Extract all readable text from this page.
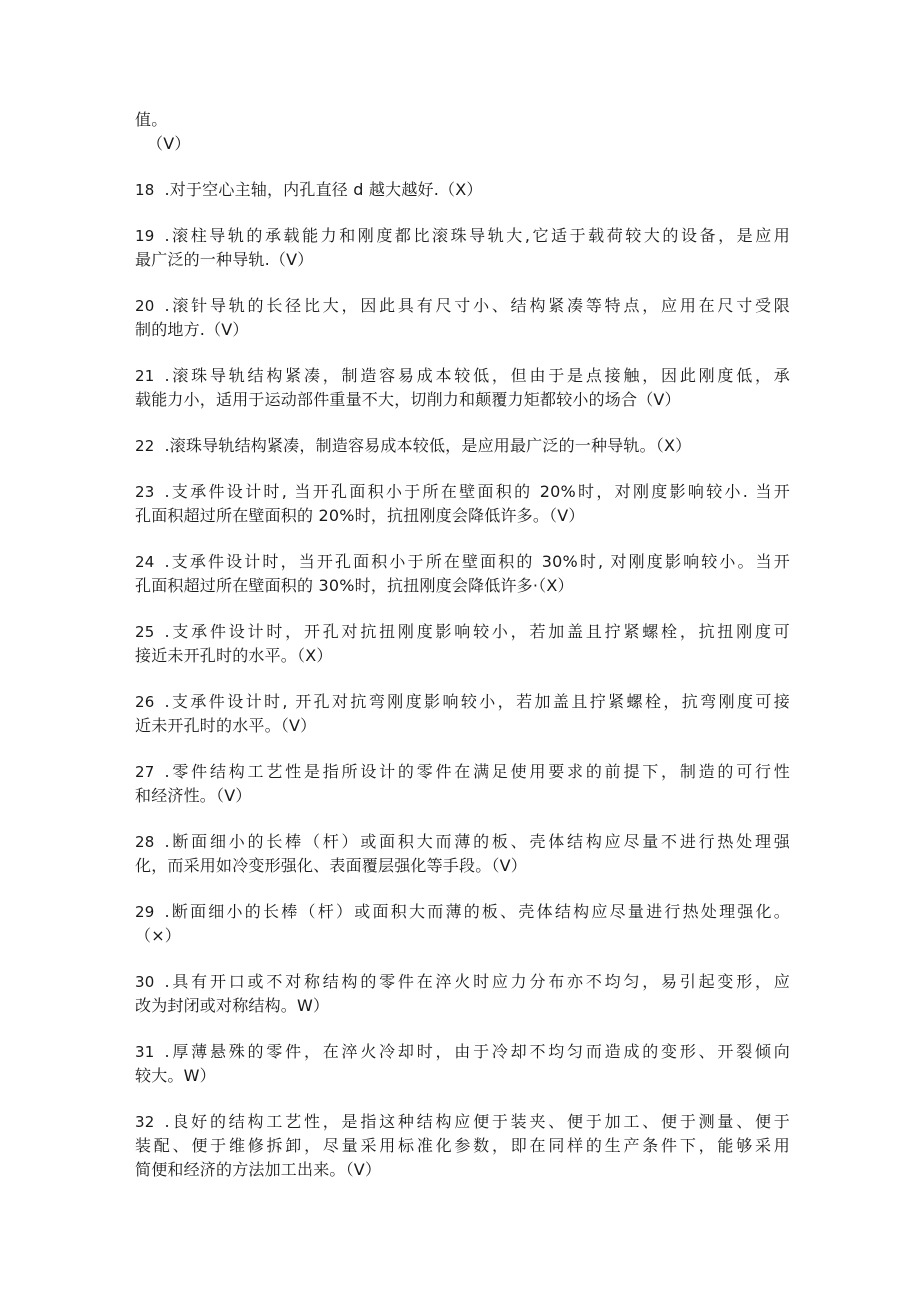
值。
（V）
18 .对于空心主轴，内孔直径 d 越大越好.（X）
19 .滚柱导轨的承载能力和刚度都比滚珠导轨大,它适于载荷较大的设备，是应用
最广泛的一种导轨.（V）
20 .滚针导轨的长径比大，因此具有尺寸小、结构紧凑等特点，应用在尺寸受限
制的地方.（V）
21 .滚珠导轨结构紧凑，制造容易成本较低，但由于是点接触，因此刚度低，承
载能力小，适用于运动部件重量不大，切削力和颠覆力矩都较小的场合（V）
22 .滚珠导轨结构紧凑，制造容易成本较低，是应用最广泛的一种导轨。（X）
23 .支承件设计时, 当开孔面积小于所在壁面积的 20%时，对刚度影响较小. 当开
孔面积超过所在壁面积的 20%时，抗扭刚度会降低许多。（V）
24 .支承件设计时，当开孔面积小于所在壁面积的 30%时, 对刚度影响较小。当开
孔面积超过所在壁面积的 30%时，抗扭刚度会降低许多·（X）
25 .支承件设计时，开孔对抗扭刚度影响较小，若加盖且拧紧螺栓，抗扭刚度可
接近未开孔时的水平。（X）
26 .支承件设计时, 开孔对抗弯刚度影响较小，若加盖且拧紧螺栓，抗弯刚度可接
近未开孔时的水平。（V）
27 .零件结构工艺性是指所设计的零件在满足使用要求的前提下，制造的可行性
和经济性。（V）
28 .断面细小的长棒（杆）或面积大而薄的板、壳体结构应尽量不进行热处理强
化，而采用如冷变形强化、表面覆层强化等手段。（V）
29 .断面细小的长棒（杆）或面积大而薄的板、壳体结构应尽量进行热处理强化。
（×）
30 .具有开口或不对称结构的零件在淬火时应力分布亦不均匀，易引起变形，应
改为封闭或对称结构。W）
31 .厚薄悬殊的零件，在淬火冷却时，由于冷却不均匀而造成的变形、开裂倾向
较大。W）
32 .良好的结构工艺性，是指这种结构应便于装夹、便于加工、便于测量、便于
装配、便于维修拆卸，尽量采用标准化参数，即在同样的生产条件下，能够采用
简便和经济的方法加工出来。（V）
